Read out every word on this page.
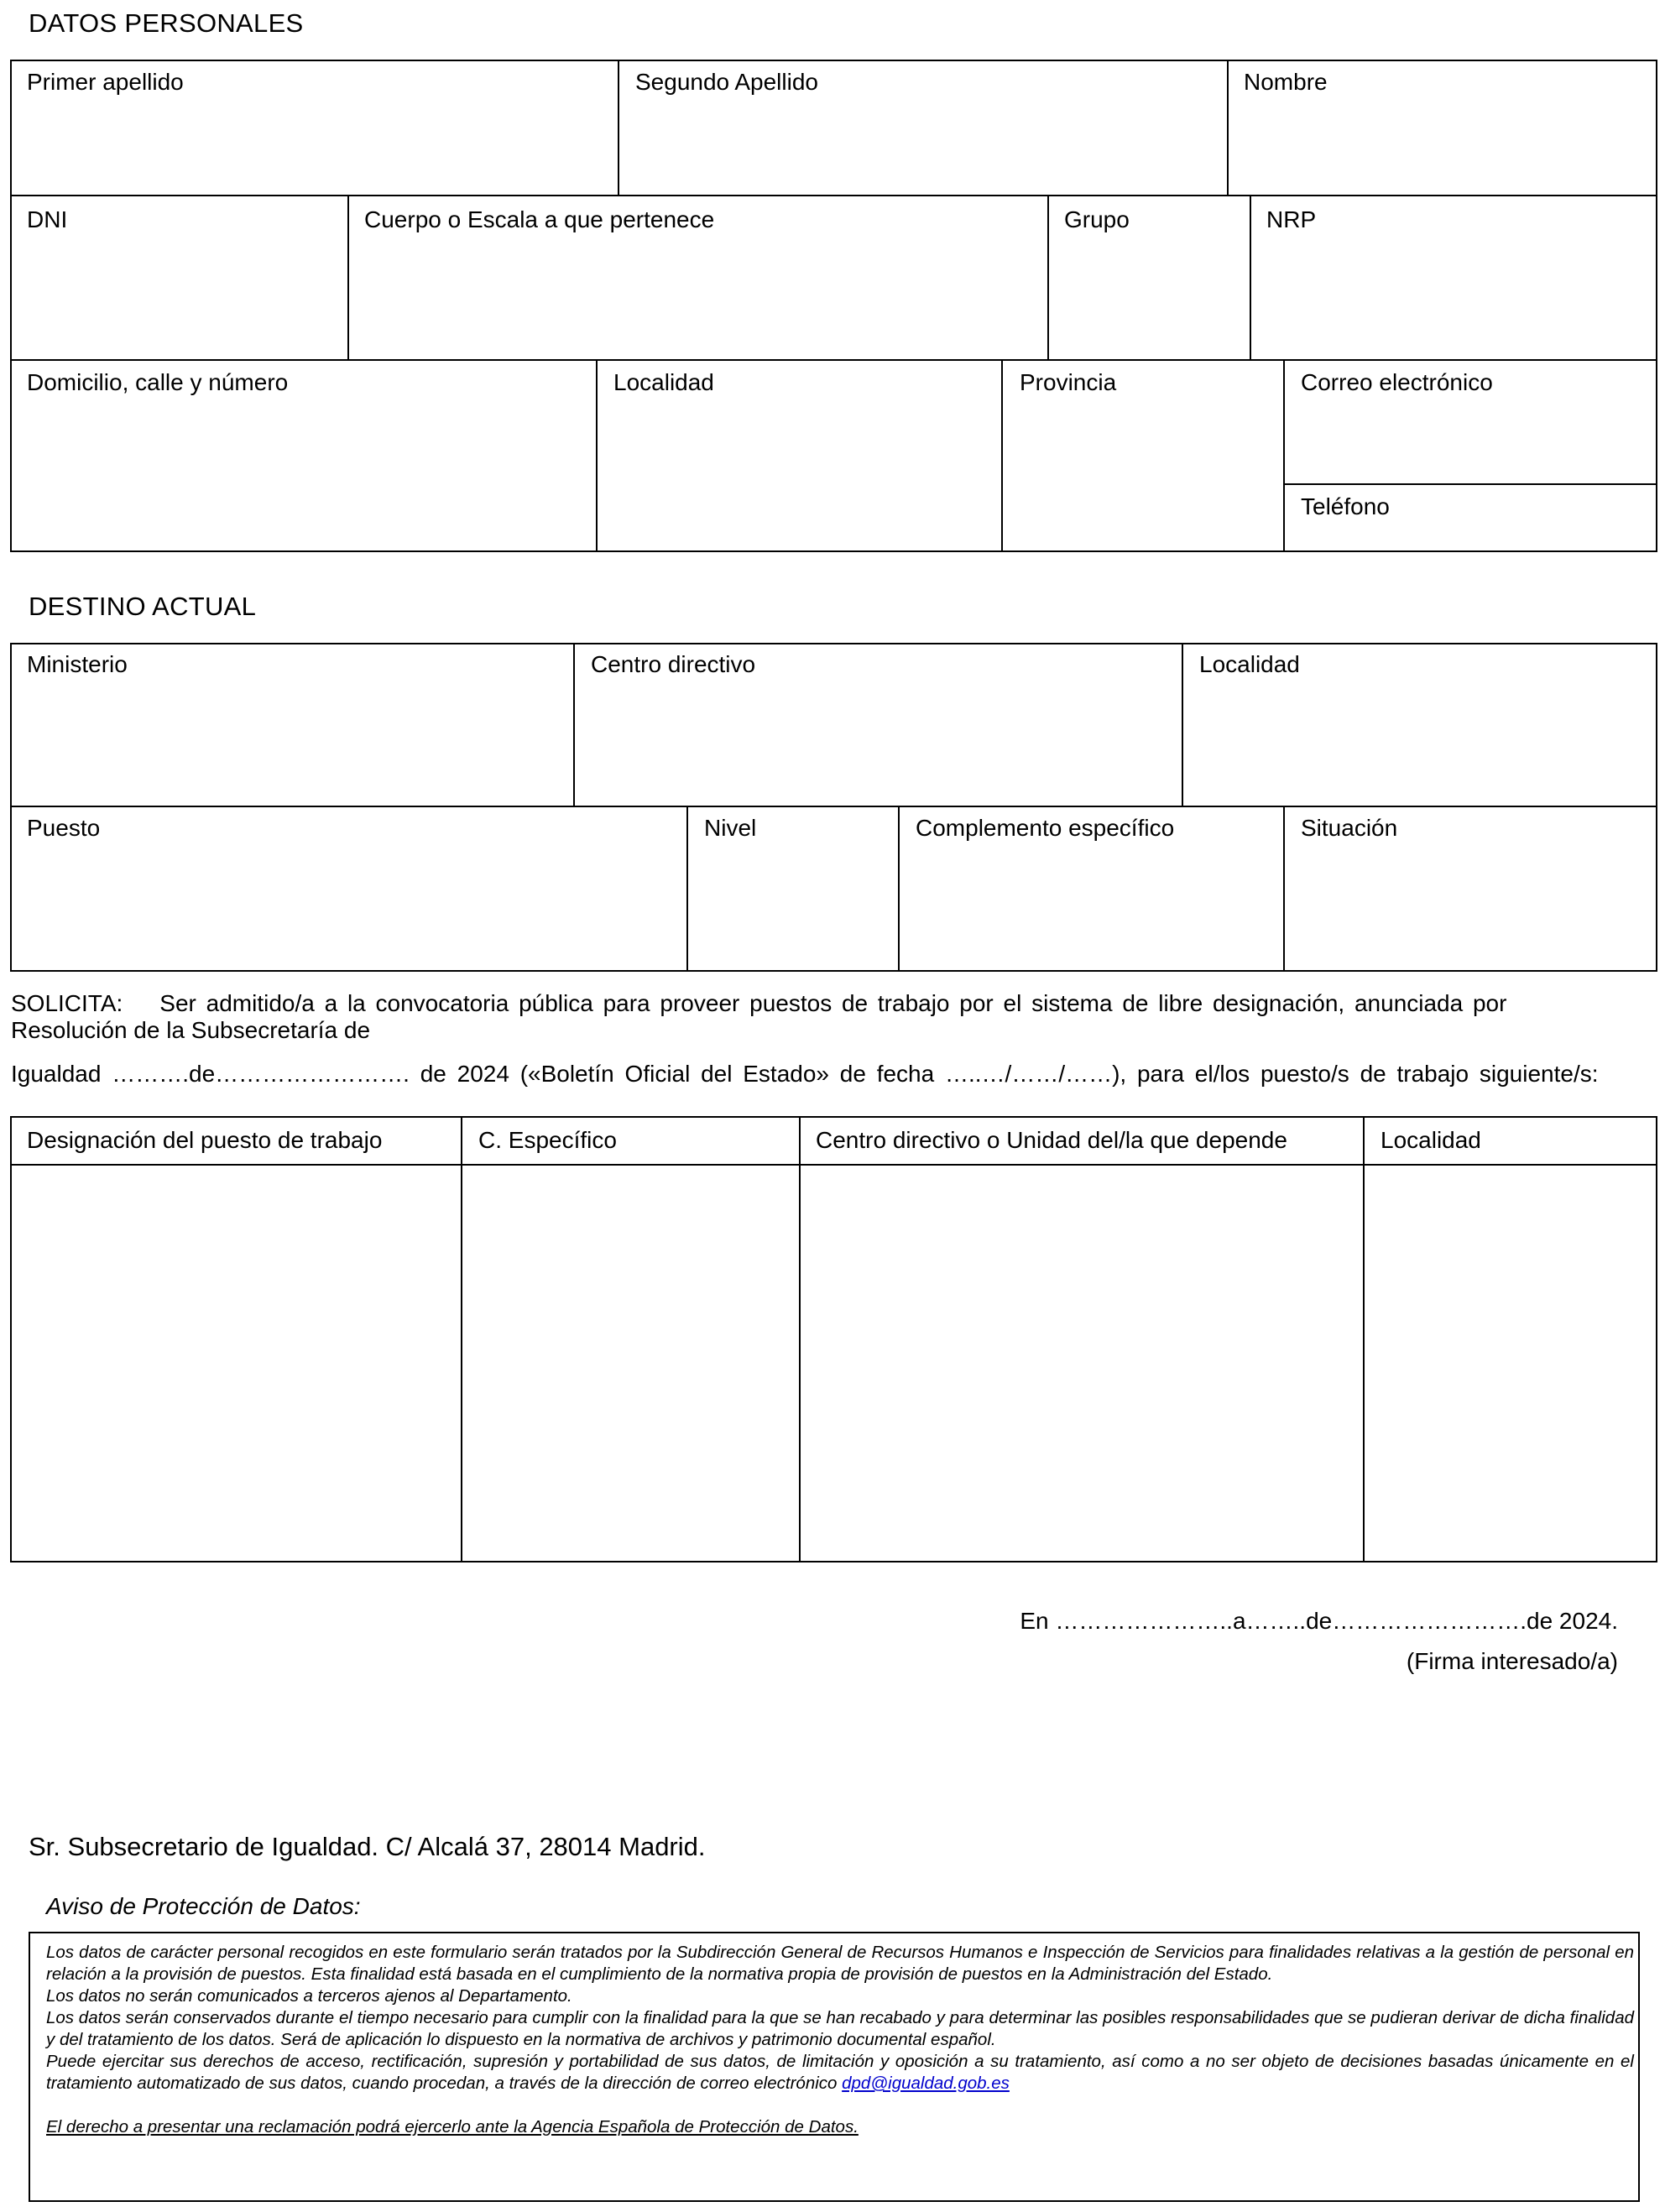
DATOS PERSONALES
Primer apellido	Segundo Apellido	Nombre
DNI	Cuerpo o Escala a que pertenece	Grupo	NRP
Domicilio, calle y número	Localidad	Provincia	Correo electrónico
Teléfono
DESTINO ACTUAL
Ministerio	Centro directivo	Localidad
Puesto	Nivel	Complemento específico	Situación
SOLICITA: Ser admitido/a a la convocatoria pública para proveer puestos de trabajo por el sistema de libre designación, anunciada por
Resolución de la Subsecretaría de
Igualdad ……….de……………………. de 2024 («Boletín Oficial del Estado» de fecha …..…/……/……), para el/los puesto/s de trabajo siguiente/s:
Designación del puesto de trabajo	C. Específico	Centro directivo o Unidad del/la que depende	Localidad
En …………………..a……..de…………………….de 2024.
(Firma interesado/a)
Sr. Subsecretario de Igualdad. C/ Alcalá 37, 28014 Madrid.
Aviso de Protección de Datos:
Los datos de carácter personal recogidos en este formulario serán tratados por la Subdirección General de Recursos Humanos e Inspección de Servicios para finalidades relativas a la gestión de personal en relación a la provisión de puestos. Esta finalidad está basada en el cumplimiento de la normativa propia de provisión de puestos en la Administración del Estado.
Los datos no serán comunicados a terceros ajenos al Departamento.
Los datos serán conservados durante el tiempo necesario para cumplir con la finalidad para la que se han recabado y para determinar las posibles responsabilidades que se pudieran derivar de dicha finalidad y del tratamiento de los datos. Será de aplicación lo dispuesto en la normativa de archivos y patrimonio documental español.
Puede ejercitar sus derechos de acceso, rectificación, supresión y portabilidad de sus datos, de limitación y oposición a su tratamiento, así como a no ser objeto de decisiones basadas únicamente en el tratamiento automatizado de sus datos, cuando procedan, a través de la dirección de correo electrónico dpd@igualdad.gob.es
El derecho a presentar una reclamación podrá ejercerlo ante la Agencia Española de Protección de Datos.
